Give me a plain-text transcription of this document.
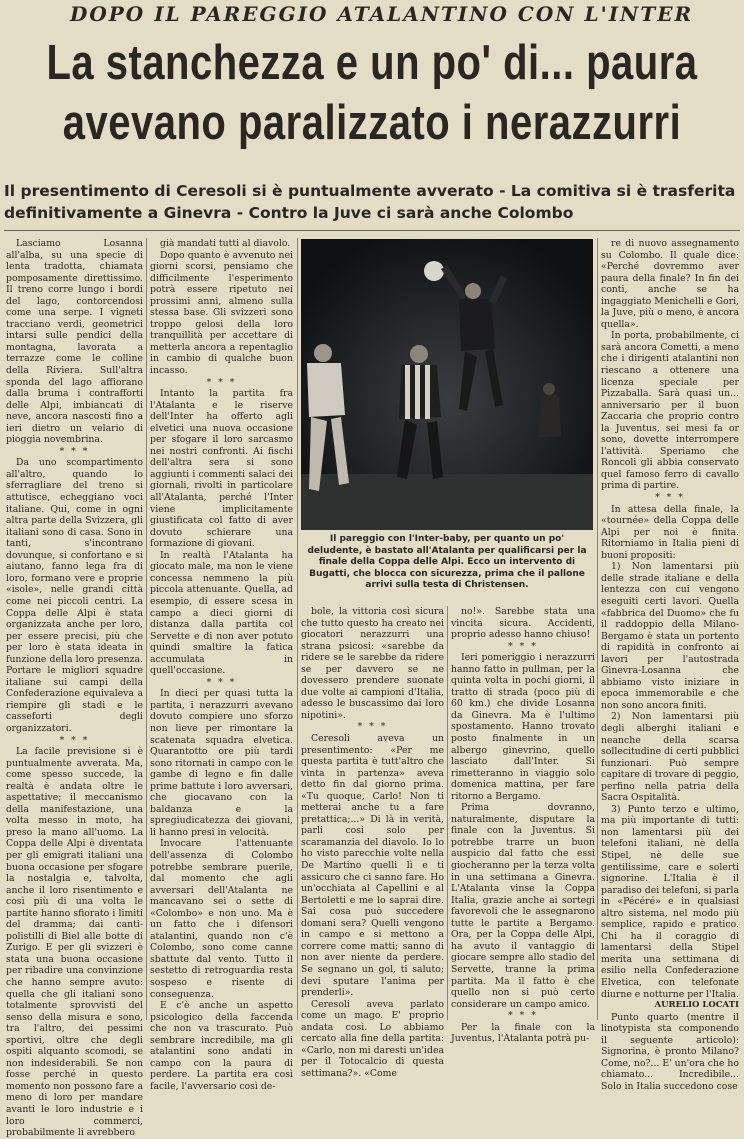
DOPO IL PAREGGIO ATALANTINO CON L'INTER
La stanchezza e un po' di... paura
avevano paralizzato i nerazzurri
Il presentimento di Ceresoli si è puntualmente avverato - La comitiva si è trasferita definitivamente a Ginevra - Contro la Juve ci sarà anche Colombo

Lasciamo Losanna all'alba, su una specie di lenta tradotta, chiamata pomposamente direttissimo. Il treno corre lungo i bordi del lago, contorcendosi come una serpe. I vigneti tracciano verdi, geometrici intarsi sulle pendici della montagna, lavorata a terrazze come le colline della Riviera. Sull'altra sponda del lago affiorano dalla bruma i contrafforti delle Alpi, imbiancati di neve, ancora nascosti fino a ieri dietro un velario di pioggia novembrina.

* * *

Da uno scompartimento all'altro, quando lo sferragliare del treno si attutisce, echeggiano voci italiane. Qui, come in ogni altra parte della Svizzera, gli italiani sono di casa. Sono in tanti, s'incontrano dovunque, si confortano e si aiutano, fanno lega fra di loro, formano vere e proprie «isole», nelle grandi città come nei piccoli centri. La Coppa delle Alpi è stata organizzata anche per loro, per essere precisi, più che per loro è stata ideata in funzione della loro presenza. Portare le migliori squadre italiane sui campi della Confederazione equivaleva a riempire gli stadi e le casseforti degli organizzatori.

* * *

La facile previsione si è puntualmente avverata. Ma, come spesso succede, la realtà è andata oltre le aspettative; il meccanismo della manifestazione, una volta messo in moto, ha preso la mano all'uomo. La Coppa delle Alpi è diventata per gli emigrati italiani una buona occasione per sfogare la nostalgia e, talvolta, anche il loro risentimento e così più di una volta le partite hanno sfiorato i limiti del dramma; dai canti-polistilli di Biel alle botte di Zurigo. E per gli svizzeri è stata una buona occasione per ribadire una convinzione che hanno sempre avuto: quella che gli italiani sono totalmente sprovvisti del senso della misura e sono, tra l'altro, dei pessimi sportivi, oltre che degli ospiti alquanto scomodi, se non indesiderabili. Se non fosse perché in questo momento non possono fare a meno di loro per mandare avanti le loro industrie e i loro commerci, probabilmente li avrebbero

già mandati tutti al diavolo.

Dopo quanto è avvenuto nei giorni scorsi, pensiamo che difficilmente l'esperimento potrà essere ripetuto nei prossimi anni, almeno sulla stessa base. Gli svizzeri sono troppo gelosi della loro tranquillità per accettare di metterla ancora a repentaglio in cambio di qualche buon incasso.

* * *

Intanto la partita fra l'Atalanta e le riserve dell'Inter ha offerto agli elvetici una nuova occasione per sfogare il loro sarcasmo nei nostri confronti. Ai fischi dell'altra sera si sono aggiunti i commenti salaci dei giornali, rivolti in particolare all'Atalanta, perché l'Inter viene implicitamente giustificata col fatto di aver dovuto schierare una formazione di giovani.

In realtà l'Atalanta ha giocato male, ma non le viene concessa nemmeno la più piccola attenuante. Quella, ad esempio, di essere scesa in campo a dieci giorni di distanza dalla partita col Servette e di non aver potuto quindi smaltire la fatica accumulata in quell'occasione.

* * *

In dieci per quasi tutta la partita, i nerazzurri avevano dovuto compiere uno sforzo non lieve per rimontare la scatenata squadra elvetica. Quarantotto ore più tardi sono ritornati in campo con le gambe di legno e fin dalle prime battute i loro avversari, che giocavano con la baldanza e la spregiudicatezza dei giovani, li hanno presi in velocità.

Invocare l'attenuante dell'assenza di Colombo potrebbe sembrare puerile, dal momento che agli avversari dell'Atalanta ne mancavano sei o sette di «Colombo» e non uno. Ma è un fatto che i difensori atalantini, quando non c'è Colombo, sono come canne sbattute dal vento. Tutto il sestetto di retroguardia resta sospeso e risente di conseguenza.

E c'è anche un aspetto psicologico della faccenda che non va trascurato. Può sembrare incredibile, ma gli atalantini sono andati in campo con la paura di perdere. La partita era così facile, l'avversario così de-

Il pareggio con l'Inter-baby, per quanto un po' deludente, è bastato all'Atalanta per qualificarsi per la finale della Coppa delle Alpi. Ecco un intervento di Bugatti, che blocca con sicurezza, prima che il pallone arrivi sulla testa di Christensen.

bole, la vittoria così sicura che tutto questo ha creato nei giocatori nerazzurri una strana psicosi: «sarebbe da ridere se le sarebbe da ridere se per davvero se ne dovessero prendere suonate due volte ai campioni d'Italia, adesso le buscassimo dai loro nipotini».

* * *

Ceresoli aveva un presentimento: «Per me questa partita è tutt'altro che vinta in partenza» aveva detto fin dal giorno prima. «Tu quoque, Carlo! Non ti metterai anche tu a fare pretattica;...» Di là in verità, parli così solo per scaramanzia del diavolo. Io lo ho visto parecchie volte nella De Martino quelli lì e ti assicuro che ci sanno fare. Ho un'occhiata al Capellini e al Bertoletti e me lo saprai dire. Sai cosa può succedere domani sera? Quelli vengono in campo e si mettono a correre come matti; sanno di non aver niente da perdere. Se segnano un gol, ti saluto; devi sputare l'anima per prenderli».

Ceresoli aveva parlato come un mago. E' proprio andata così. Lo abbiamo cercato alla fine della partita: «Carlo, non mi daresti un'idea per il Totocalcio di questa settimana?». «Come

no!». Sarebbe stata una vincita sicura. Accidenti, proprio adesso hanno chiuso!

* * *

Ieri pomeriggio i nerazzurri hanno fatto in pullman, per la quinta volta in pochi giorni, il tratto di strada (poco più di 60 km.) che divide Losanna da Ginevra. Ma è l'ultimo spostamento. Hanno trovato posto finalmente in un albergo ginevrino, quello lasciato dall'Inter. Si rimetteranno in viaggio solo domenica mattina, per fare ritorno a Bergamo.

Prima dovranno, naturalmente, disputare la finale con la Juventus. Si potrebbe trarre un buon auspicio dal fatto che essi giocheranno per la terza volta in una settimana a Ginevra. L'Atalanta vinse la Coppa Italia, grazie anche ai sortegi favorevoli che le assegnarono tutte le partite a Bergamo. Ora, per la Coppa delle Alpi, ha avuto il vantaggio di giocare sempre allo stadio del Servette, tranne la prima partita. Ma il fatto è che quello non si può certo considerare un campo amico.

* * *

Per la finale con la Juventus, l'Atalanta potrà pu-

re di nuovo assegnamento su Colombo. Il quale dice: «Perché dovremmo aver paura della finale? In fin dei conti, anche se ha ingaggiato Menichelli e Gori, la Juve, più o meno, è ancora quella».

In porta, probabilmente, ci sarà ancora Cometti, a meno che i dirigenti atalantini non riescano a ottenere una licenza speciale per Pizzaballa. Sarà quasi un... anniversario per il buon Zaccaria che proprio contro la Juventus, sei mesi fa or sono, dovette interrompere l'attività. Speriamo che Roncoli gli abbia conservato quel famoso ferro di cavallo prima di partire.

* * *

In attesa della finale, la «tournée» della Coppa delle Alpi per noi è finita. Ritorniamo in Italia pieni di buoni propositi:

1) Non lamentarsi più delle strade italiane e della lentezza con cui vengono eseguiti certi lavori. Quella «fabbrica del Duomo» che fu il raddoppio della Milano-Bergamo è stata un portento di rapidità in confronto ai lavori per l'autostrada Ginevra-Losanna che abbiamo visto iniziare in epoca immemorabile e che non sono ancora finiti.

2) Non lamentarsi più degli alberghi italiani e neanche della scarsa sollecitudine di certi pubblici funzionari. Può sempre capitare di trovare di peggio, perfino nella patria della Sacra Ospitalità.

3) Punto terzo e ultimo, ma più importante di tutti: non lamentarsi più dei telefoni italiani, nè della Stipel, nè delle sue gentilissime, care e solerti signorine. L'Italia è il paradiso dei telefoni, si parla in «Pécéré» e in qualsiasi altro sistema, nel modo più semplice, rapido e pratico. Chi ha il coraggio di lamentarsi della Stipel merita una settimana di esilio nella Confederazione Elvetica, con telefonate diurne e notturne per l'Italia.

AURELIO LOCATI

Punto quarto (mentre il linotypista sta componendo il seguente articolo): Signorina, è pronto Milano? Come, no?... E' un'ora che ho chiamato... Incredibile... Solo in Italia succedono cose
